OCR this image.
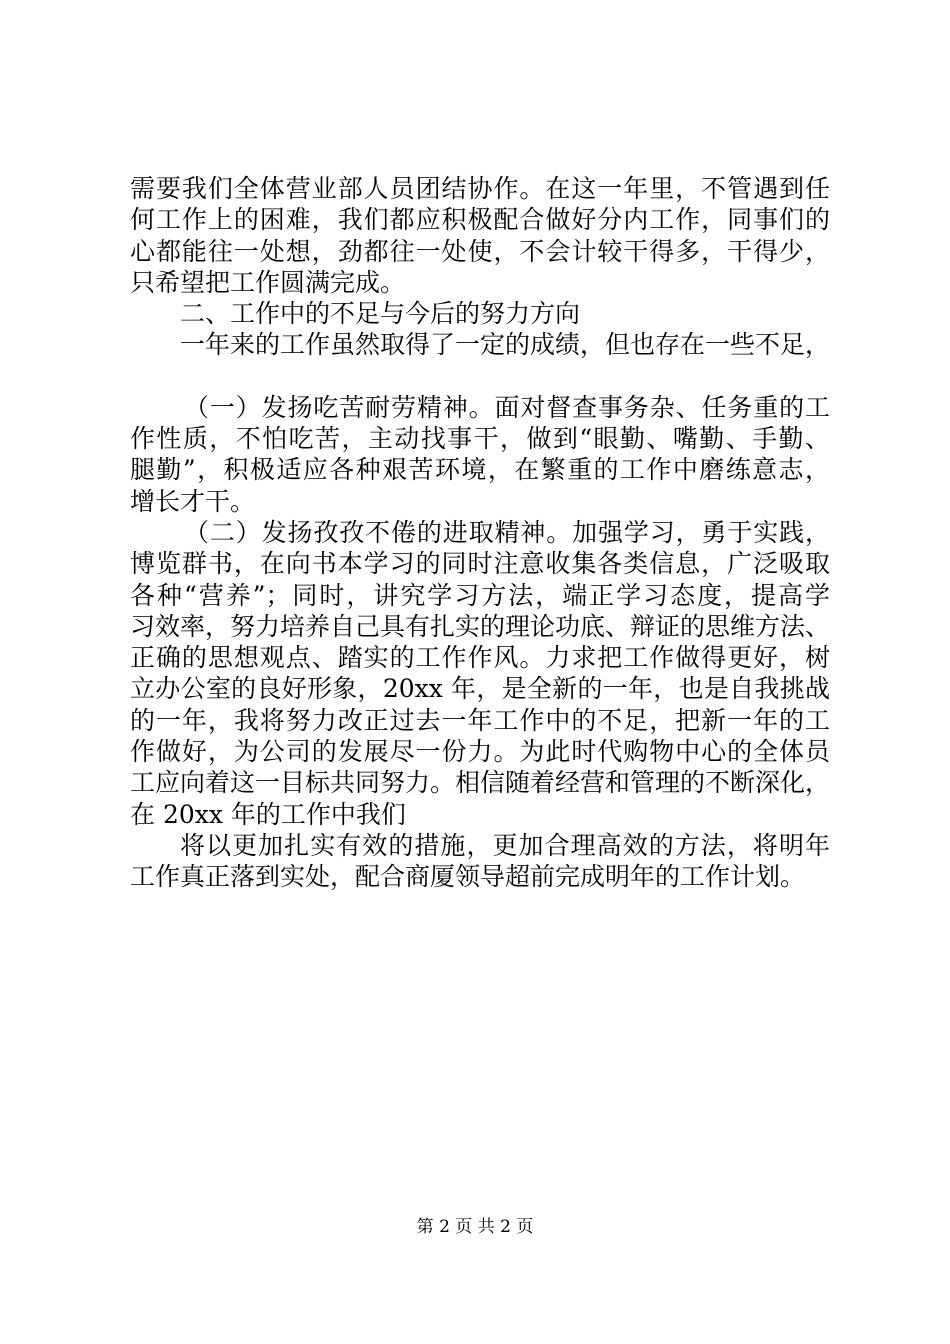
需要我们全体营业部人员团结协作。在这一年里，不管遇到任
何工作上的困难，我们都应积极配合做好分内工作，同事们的
心都能往一处想，劲都往一处使，不会计较干得多，干得少，
只希望把工作圆满完成。
二、工作中的不足与今后的努力方向
一年来的工作虽然取得了一定的成绩，但也存在一些不足，
（一）发扬吃苦耐劳精神。面对督查事务杂、任务重的工
作性质，不怕吃苦，主动找事干，做到“眼勤、嘴勤、手勤、
腿勤”，积极适应各种艰苦环境，在繁重的工作中磨练意志，
增长才干。
（二）发扬孜孜不倦的进取精神。加强学习，勇于实践，
博览群书，在向书本学习的同时注意收集各类信息，广泛吸取
各种“营养”；同时，讲究学习方法，端正学习态度，提高学
习效率，努力培养自己具有扎实的理论功底、辩证的思维方法、
正确的思想观点、踏实的工作作风。力求把工作做得更好，树
立办公室的良好形象，20xx 年，是全新的一年，也是自我挑战
的一年，我将努力改正过去一年工作中的不足，把新一年的工
作做好，为公司的发展尽一份力。为此时代购物中心的全体员
工应向着这一目标共同努力。相信随着经营和管理的不断深化，
在 20xx 年的工作中我们
将以更加扎实有效的措施，更加合理高效的方法，将明年
工作真正落到实处，配合商厦领导超前完成明年的工作计划。
第 2 页 共 2 页
